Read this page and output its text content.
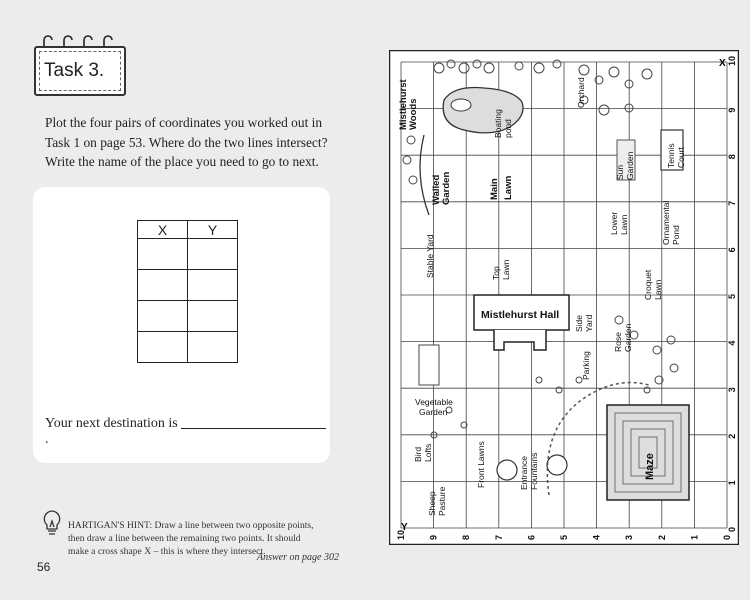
Task 3.
Plot the four pairs of coordinates you worked out in Task 1 on page 53. Where do the two lines intersect? Write the name of the place you need to go to next.
X	Y

Your next destination is.
HARTIGAN'S HINT: Draw a line between two opposite points, then draw a line between the remaining two points. It should make a cross shape X – this is where they intersect.
56
Answer on page 302
MistlehurstWoods	Boatingpond
Orchard
SunGarden	TennisCourt
WalledGarden	Main Lawn
LowerLawn	OrnamentalPond
Stable Yard	TopLawn	CroquetLawn
Mistlehurst Hall SideYard
RoseGarden
Parking
Vegetable Garden
Maze
BirdLofts	Front Lawns	EntranceFountains
SheepPasture
10	9	8	7	6	5	4	3	2	1	0
10
9
8
7
6
5
4
3
2
1
0
X
Y
